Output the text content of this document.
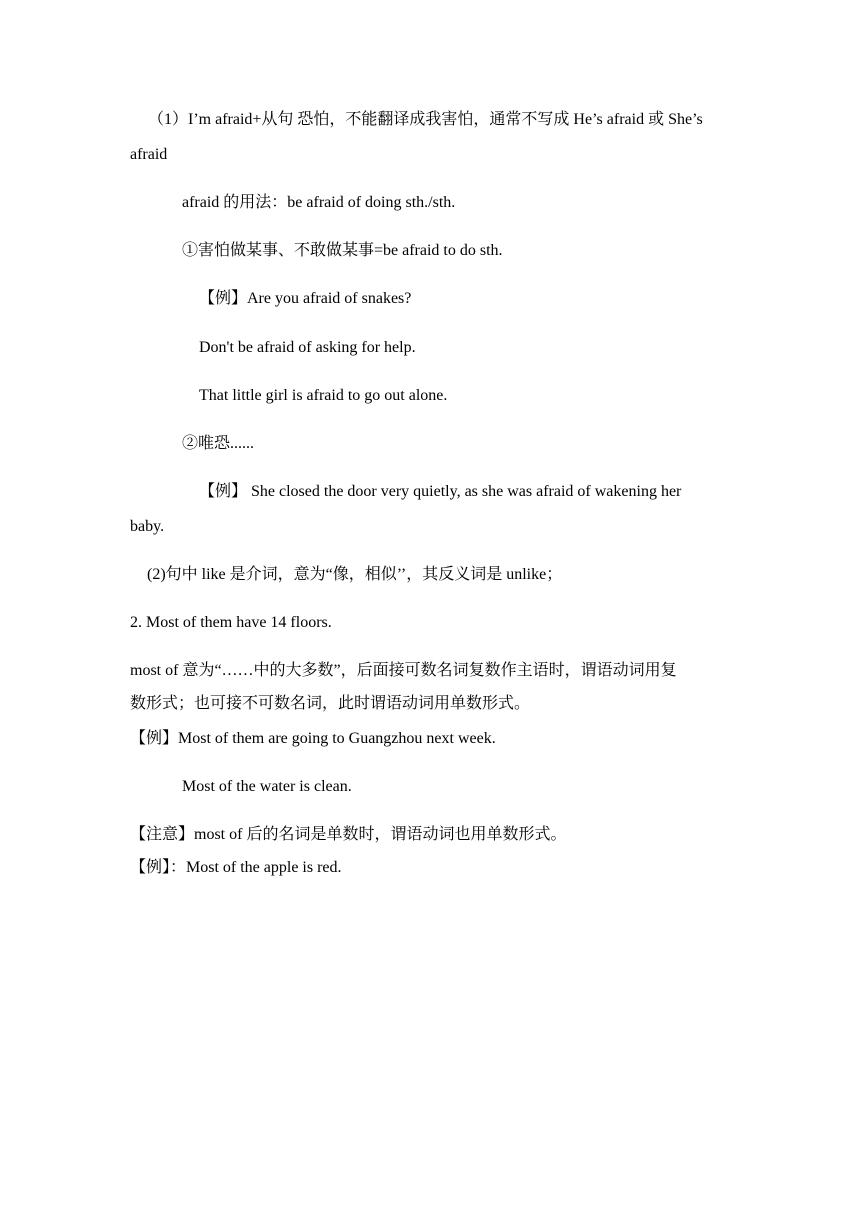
（1）I’m afraid+从句 恐怕，不能翻译成我害怕，通常不写成 He’s afraid 或 She’s
afraid
afraid 的用法：be afraid of doing sth./sth.
①害怕做某事、不敢做某事=be afraid to do sth.
【例】Are you afraid of snakes?
Don't be afraid of asking for help.
That little girl is afraid to go out alone.
②唯恐......
【例】 She closed the door very quietly, as she was afraid of wakening her
baby.
(2)句中 like 是介词，意为“像，相似’’，其反义词是 unlike；
2. Most of them have 14 floors.
most of 意为“……中的大多数”，后面接可数名词复数作主语时，谓语动词用复
数形式；也可接不可数名词，此时谓语动词用单数形式。
【例】Most of them are going to Guangzhou next week.
Most of the water is clean.
【注意】most of 后的名词是单数时，谓语动词也用单数形式。
【例】：Most of the apple is red.
